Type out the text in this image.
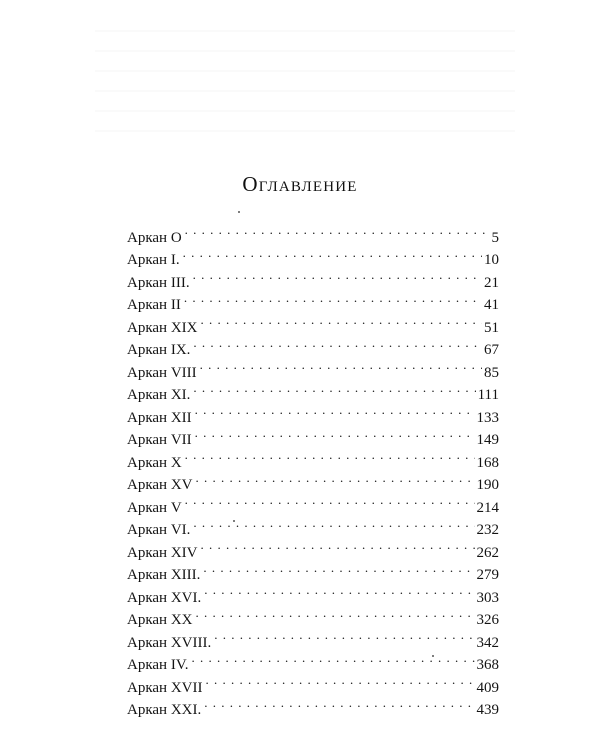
Оглавление
Аркан O . . .	5
Аркан I. . . .	10
Аркан III. . . .	21
Аркан II . . .	41
Аркан XIX . . .	51
Аркан IX. . . .	67
Аркан VIII . . .	85
Аркан XI. . . .	111
Аркан XII . . .	133
Аркан VII . . .	149
Аркан X . . .	168
Аркан XV . . .	190
Аркан V . . .	214
Аркан VI. . . .	232
Аркан XIV . . .	262
Аркан XIII. . . .	279
Аркан XVI. . . .	303
Аркан XX . . .	326
Аркан XVIII. . . .	342
Аркан IV. . . .	368
Аркан XVII . . .	409
Аркан XXI. . . .	439
